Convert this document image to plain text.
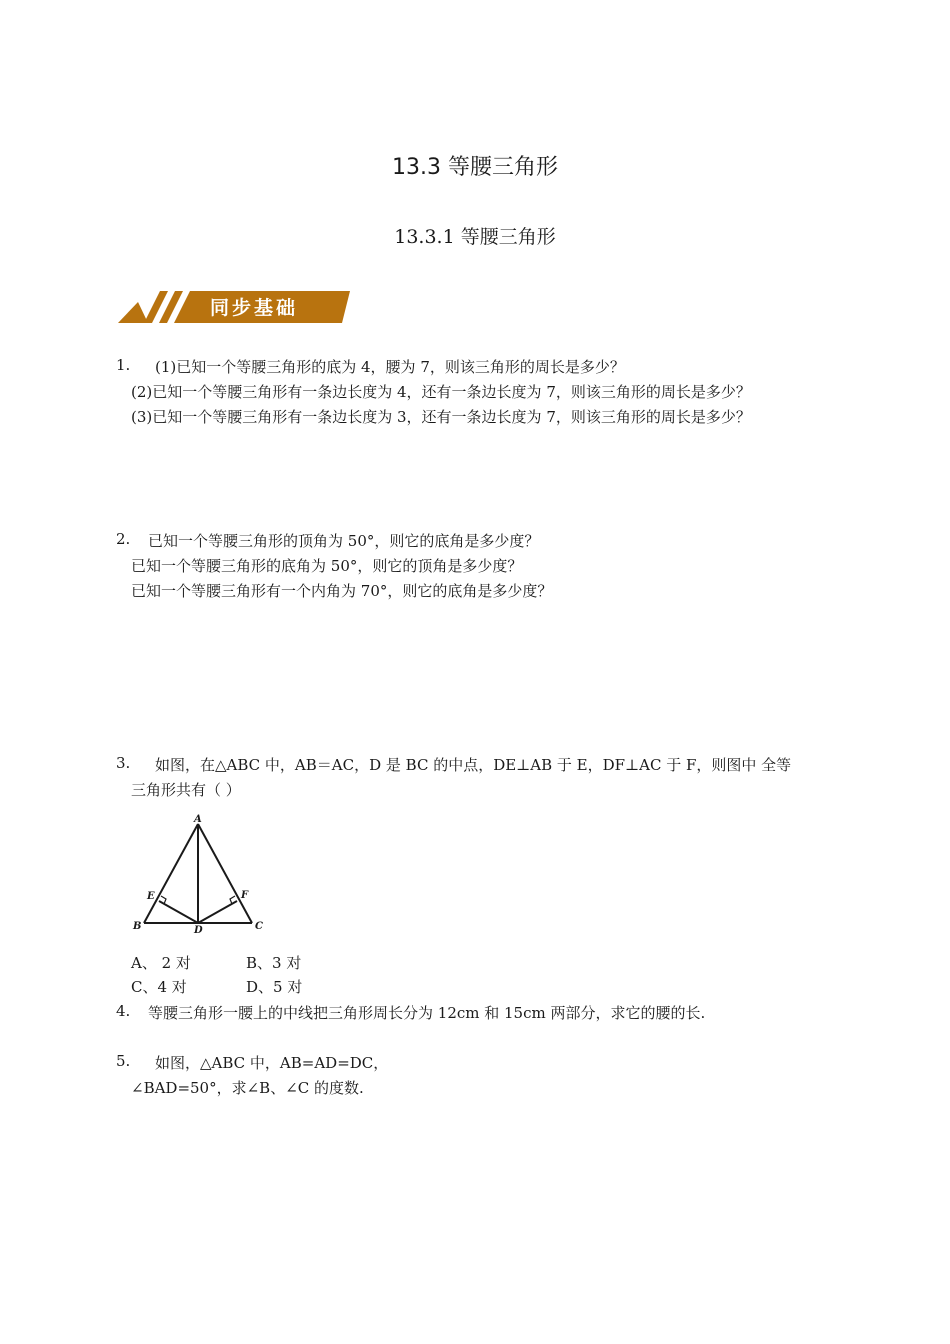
13.3 等腰三角形
13.3.1 等腰三角形
同步基础
1. (1)已知一个等腰三角形的底为 4，腰为 7，则该三角形的周长是多少？
(2)已知一个等腰三角形有一条边长度为 4，还有一条边长度为 7，则该三角形的周长是多少？
(3)已知一个等腰三角形有一条边长度为 3，还有一条边长度为 7，则该三角形的周长是多少？
2. 已知一个等腰三角形的顶角为 50°，则它的底角是多少度？
已知一个等腰三角形的底角为 50°，则它的顶角是多少度？
已知一个等腰三角形有一个内角为 70°，则它的底角是多少度？
3. 如图，在△ABC 中，AB＝AC，D 是 BC 的中点，DE⊥AB 于 E，DF⊥AC 于 F，则图中 全等
三角形共有（ ）
A
E	F
B	D	C
A、 2 对	B、3 对
C、4 对	D、5 对
4. 等腰三角形一腰上的中线把三角形周长分为 12cm 和 15cm 两部分，求它的腰的长.
5. 如图，△ABC 中，AB=AD=DC，
∠BAD=50°，求∠B、∠C 的度数.
